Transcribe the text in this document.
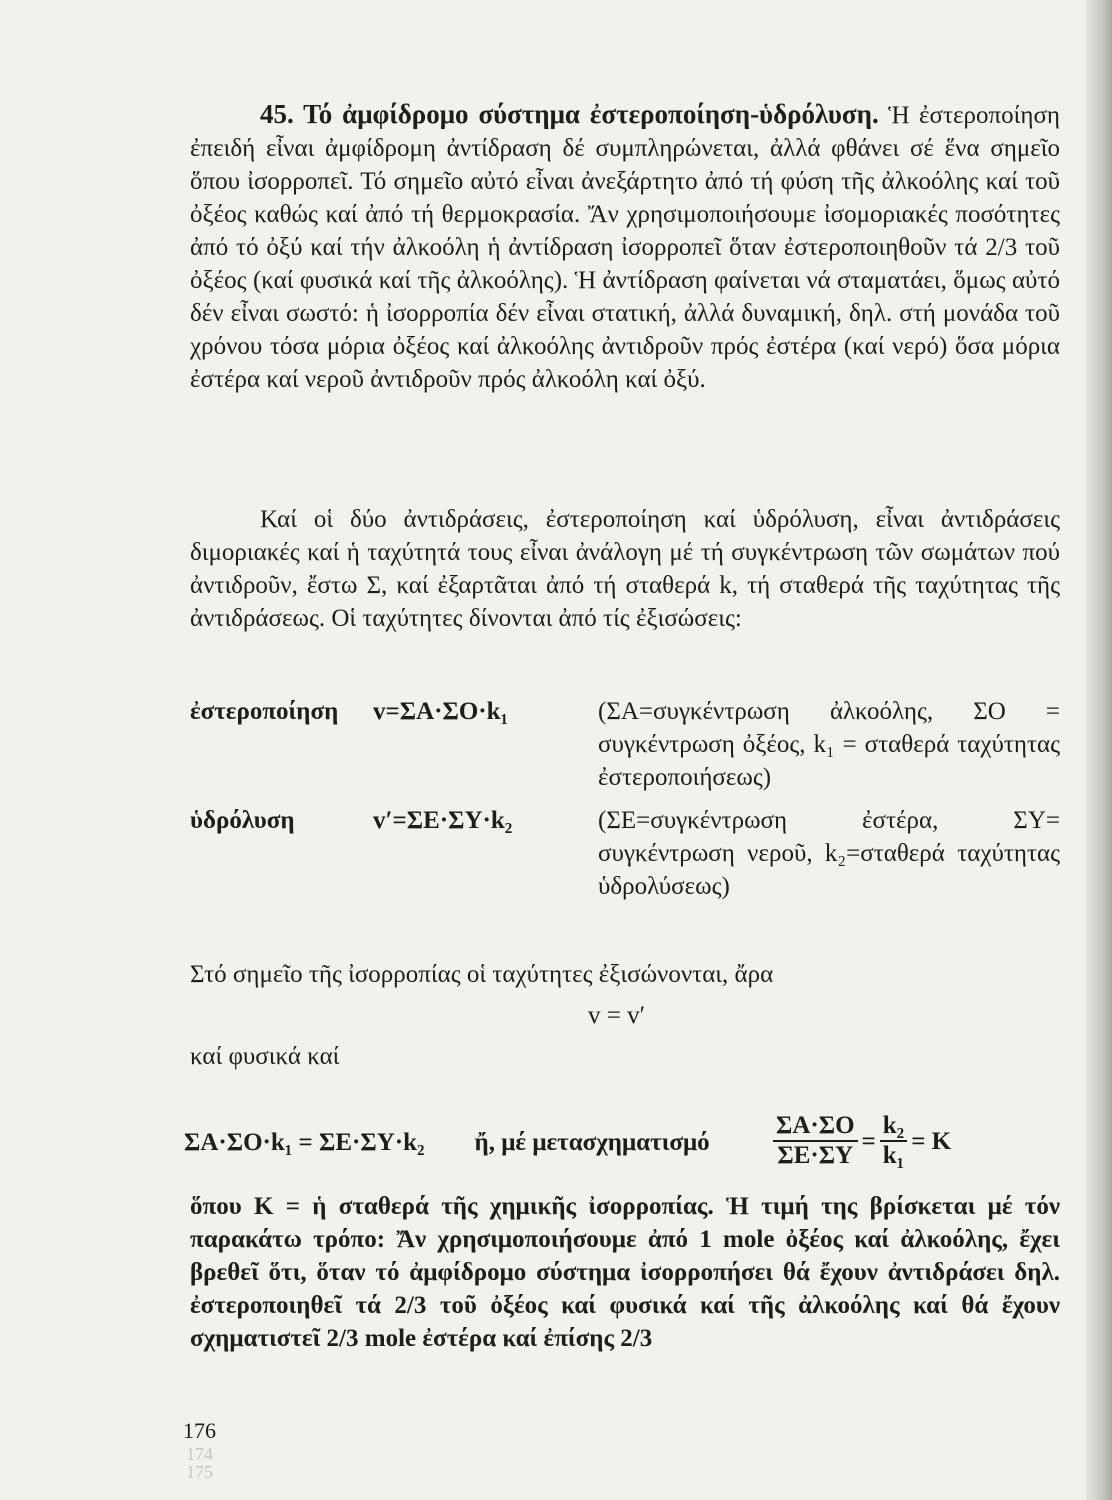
45. Τό ἀμφίδρομο σύστημα ἐστεροποίηση-ὑδρόλυση. Ἡ ἐστεροποίηση ἐπειδή εἶναι ἀμφίδρομη ἀντίδραση δέ συμπληρώνεται, ἀλλά φθάνει σέ ἕνα σημεῖο ὅπου ἰσορροπεῖ. Τό σημεῖο αὐτό εἶναι ἀνεξάρτητο ἀπό τή φύση τῆς ἀλκοόλης καί τοῦ ὀξέος καθώς καί ἀπό τή θερμοκρασία. Ἄν χρησιμοποιήσουμε ἰσομοριακές ποσότητες ἀπό τό ὀξύ καί τήν ἀλκοόλη ἡ ἀντίδραση ἰσορροπεῖ ὅταν ἐστεροποιηθοῦν τά 2/3 τοῦ ὀξέος (καί φυσικά καί τῆς ἀλκοόλης). Ἡ ἀντίδραση φαίνεται νά σταματάει, ὅμως αὐτό δέν εἶναι σωστό: ἡ ἰσορροπία δέν εἶναι στατική, ἀλλά δυναμική, δηλ. στή μονάδα τοῦ χρόνου τόσα μόρια ὀξέος καί ἀλκοόλης ἀντιδροῦν πρός ἐστέρα (καί νερό) ὅσα μόρια ἐστέρα καί νεροῦ ἀντιδροῦν πρός ἀλκοόλη καί ὀξύ.

Καί οἱ δύο ἀντιδράσεις, ἐστεροποίηση καί ὑδρόλυση, εἶναι ἀντιδράσεις διμοριακές καί ἡ ταχύτητά τους εἶναι ἀνάλογη μέ τή συγκέντρωση τῶν σωμάτων πού ἀντιδροῦν, ἔστω Σ, καί ἐξαρτᾶται ἀπό τή σταθερά k, τή σταθερά τῆς ταχύτητας τῆς ἀντιδράσεως. Οἱ ταχύτητες δίνονται ἀπό τίς ἐξισώσεις:

ἐστεροποίηση	v=ΣA·ΣO·k₁	(ΣA=συγκέντρωση ἀλκοόλης, ΣO = συγκέντρωση ὀξέος, k₁ = σταθερά ταχύτητας ἐστεροποιήσεως)

ὑδρόλυση	v′=ΣE·ΣY·k₂	(ΣE=συγκέντρωση ἐστέρα, ΣY= συγκέντρωση νεροῦ, k₂=σταθερά ταχύτητας ὑδρολύσεως)

Στό σημεῖο τῆς ἰσορροπίας οἱ ταχύτητες ἐξισώνονται, ἄρα

v = v′

καί φυσικά καί

ΣA·ΣO·k₁ = ΣE·ΣY·k₂ ἤ, μέ μετασχηματισμό	$\frac{\Sigma A\cdot\Sigma O}{\Sigma E\cdot\Sigma Y} = \frac{\text{k₂}}{\text{k₁}} = K$

ὅπου K = ἡ σταθερά τῆς χημικῆς ἰσορροπίας. Ἡ τιμή της βρίσκεται μέ τόν παρακάτω τρόπο: Ἄν χρησιμοποιήσουμε ἀπό 1 mole ὀξέος καί ἀλκοόλης, ἔχει βρεθεῖ ὅτι, ὅταν τό ἀμφίδρομο σύστημα ἰσορροπήσει θά ἔχουν ἀντιδράσει δηλ. ἐστεροποιηθεῖ τά 2/3 τοῦ ὀξέος καί φυσικά καί τῆς ἀλκοόλης καί θά ἔχουν σχηματιστεῖ 2/3 mole ἐστέρα καί ἐπίσης 2/3

176
174
175
